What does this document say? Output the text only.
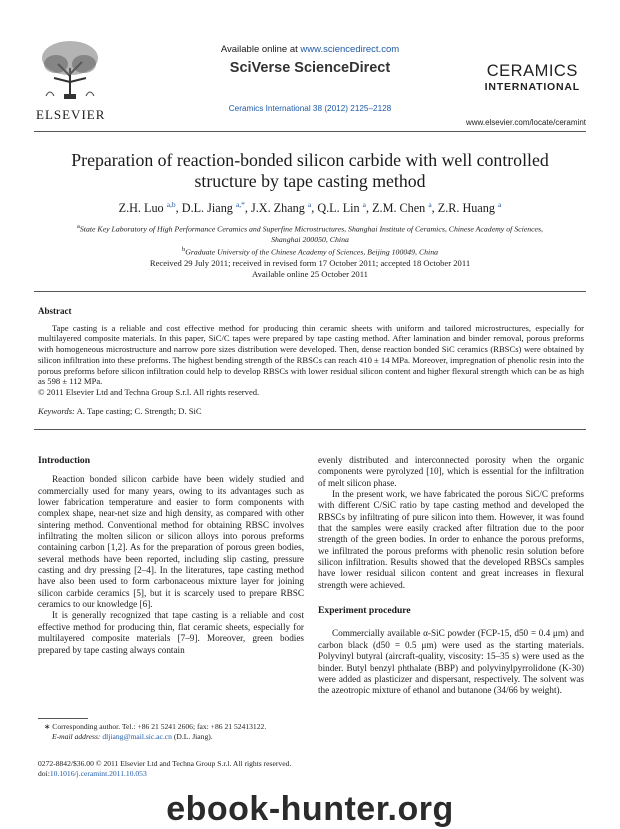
ELSEVIER
Available online at www.sciencedirect.com
SciVerse ScienceDirect
Ceramics International 38 (2012) 2125–2128
CERAMICS
INTERNATIONAL
www.elsevier.com/locate/ceramint
Preparation of reaction-bonded silicon carbide with well controlled
structure by tape casting method
Z.H. Luo $^{a,b}$, D.L. Jiang $^{a,*}$, J.X. Zhang $^a$, Q.L. Lin $^a$, Z.M. Chen $^a$, Z.R. Huang $^a$
$^a$State Key Laboratory of High Performance Ceramics and Superfine Microstructures, Shanghai Institute of Ceramics, Chinese Academy of Sciences,
Shanghai 200050, China
$^b$Graduate University of the Chinese Academy of Sciences, Beijing 100049, China
Received 29 July 2011; received in revised form 17 October 2011; accepted 18 October 2011
Available online 25 October 2011
Abstract

Tape casting is a reliable and cost effective method for producing thin ceramic sheets with uniform and tailored microstructures, especially for multilayered composite materials. In this paper, SiC/C tapes were prepared by tape casting method. After lamination and binder removal, porous preforms with homogeneous microstructure and narrow pore sizes distribution were developed. Then, dense reaction bonded SiC ceramics (RBSCs) were obtained by silicon infiltration into these preforms. The highest bending strength of the RBSCs can reach 410 ± 14 MPa. Moreover, impregnation of phenolic resin into the porous preforms before silicon infiltration could help to develop RBSCs with lower residual silicon content and higher flexural strength which can be as high as 598 ± 112 MPa.

© 2011 Elsevier Ltd and Techna Group S.r.l. All rights reserved.

Keywords: A. Tape casting; C. Strength; D. SiC

Introduction

Reaction bonded silicon carbide have been widely studied and commercially used for many years, owing to its advantages such as lower fabrication temperature and easier to form components with complex shape, near-net size and high density, as compared with other sintering method. Conventional method for obtaining RBSC involves infiltrating the molten silicon or silicon alloys into porous preforms containing carbon [1,2]. As for the preparation of porous green bodies, several methods have been reported, including slip casting, pressure casting and dry pressing [2–4]. In the literatures, tape casting method have also been used to form carbonaceous mixture layer for joining silicon carbide ceramics [5], but it is scarcely used to prepare RBSC ceramics to our knowledge [6].

It is generally recognized that tape casting is a reliable and cost effective method for producing thin, flat ceramic sheets, especially for multilayered composite materials [7–9]. Moreover, green bodies prepared by tape casting always contain

∗ Corresponding author. Tel.: +86 21 5241 2606; fax: +86 21 52413122.
E-mail address: dljiang@mail.sic.ac.cn (D.L. Jiang).
0272-8842/$36.00 © 2011 Elsevier Ltd and Techna Group S.r.l. All rights reserved.
doi:10.1016/j.ceramint.2011.10.053

evenly distributed and interconnected porosity when the organic components were pyrolyzed [10], which is essential for the infiltration of melt silicon phase.

In the present work, we have fabricated the porous SiC/C preforms with different C/SiC ratio by tape casting method and developed the RBSCs by infiltrating of pure silicon into them. However, it was found that the samples were easily cracked after filtration due to the poor strength of the green bodies. In order to enhance the porous preforms, we infiltrated the porous preforms with phenolic resin solution before silicon infiltration. Results showed that the developed RBSCs samples have lower residual silicon content and great increases in flexural strength were achieved.

Experiment procedure

Commercially available α-SiC powder (FCP-15, d50 = 0.4 μm) and carbon black (d50 = 0.5 μm) were used as the starting materials. Polyvinyl butyral (aircraft-quality, viscosity: 15–35 s) were used as the binder. Butyl benzyl phthalate (BBP) and polyvinylpyrrolidone (K-30) were added as plasticizer and dispersant, respectively. The solvent was the azeotropic mixture of ethanol and butanone (34/66 by weight).

ebook-hunter.org
